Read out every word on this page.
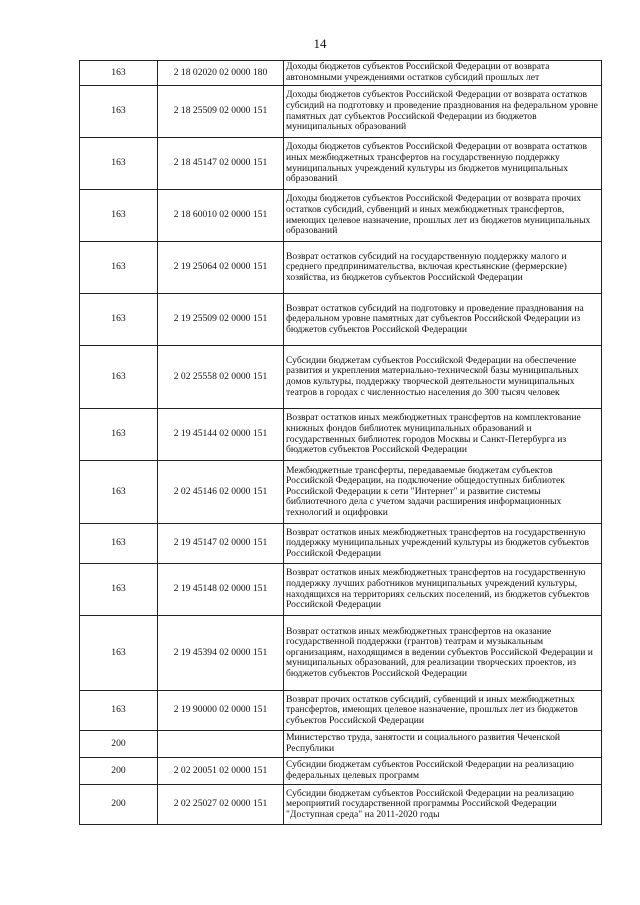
14
163	2 18 02020 02 0000 180	Доходы бюджетов субъектов Российской Федерации от возврата автономными учреждениями остатков субсидий прошлых лет
163	2 18 25509 02 0000 151	Доходы бюджетов субъектов Российской Федерации от возврата остатков субсидий на подготовку и проведение празднования на федеральном уровне памятных дат субъектов Российской Федерации из бюджетов муниципальных образований
163	2 18 45147 02 0000 151	Доходы бюджетов субъектов Российской Федерации от возврата остатков иных межбюджетных трансфертов на государственную поддержку муниципальных учреждений культуры из бюджетов муниципальных образований
163	2 18 60010 02 0000 151	Доходы бюджетов субъектов Российской Федерации от возврата прочих остатков субсидий, субвенций и иных межбюджетных трансфертов, имеющих целевое назначение, прошлых лет из бюджетов муниципальных образований
163	2 19 25064 02 0000 151	Возврат остатков субсидий на государственную поддержку малого и среднего предпринимательства, включая крестьянские (фермерские) хозяйства, из бюджетов субъектов Российской Федерации
163	2 19 25509 02 0000 151	Возврат остатков субсидий на подготовку и проведение празднования на федеральном уровне памятных дат субъектов Российской Федерации из бюджетов субъектов Российской Федерации
163	2 02 25558 02 0000 151	Субсидии бюджетам субъектов Российской Федерации на обеспечение развития и укрепления материально-технической базы муниципальных домов культуры, поддержку творческой деятельности муниципальных театров в городах с численностью населения до 300 тысяч человек
163	2 19 45144 02 0000 151	Возврат остатков иных межбюджетных трансфертов на комплектование книжных фондов библиотек муниципальных образований и государственных библиотек городов Москвы и Санкт-Петербурга из бюджетов субъектов Российской Федерации
163	2 02 45146 02 0000 151	Межбюджетные трансферты, передаваемые бюджетам субъектов Российской Федерации, на подключение общедоступных библиотек Российской Федерации к сети "Интернет" и развитие системы библиотечного дела с учетом задачи расширения информационных технологий и оцифровки
163	2 19 45147 02 0000 151	Возврат остатков иных межбюджетных трансфертов на государственную поддержку муниципальных учреждений культуры из бюджетов субъектов Российской Федерации
163	2 19 45148 02 0000 151	Возврат остатков иных межбюджетных трансфертов на государственную поддержку лучших работников муниципальных учреждений культуры, находящихся на территориях сельских поселений, из бюджетов субъектов Российской Федерации
163	2 19 45394 02 0000 151	Возврат остатков иных межбюджетных трансфертов на оказание государственной поддержки (грантов) театрам и музыкальным организациям, находящимся в ведении субъектов Российской Федерации и муниципальных образований, для реализации творческих проектов, из бюджетов субъектов Российской Федерации
163	2 19 90000 02 0000 151	Возврат прочих остатков субсидий, субвенций и иных межбюджетных трансфертов, имеющих целевое назначение, прошлых лет из бюджетов субъектов Российской Федерации
200		Министерство труда, занятости и социального развития Чеченской Республики
200	2 02 20051 02 0000 151	Субсидии бюджетам субъектов Российской Федерации на реализацию федеральных целевых программ
200	2 02 25027 02 0000 151	Субсидии бюджетам субъектов Российской Федерации на реализацию мероприятий государственной программы Российской Федерации "Доступная среда" на 2011-2020 годы
